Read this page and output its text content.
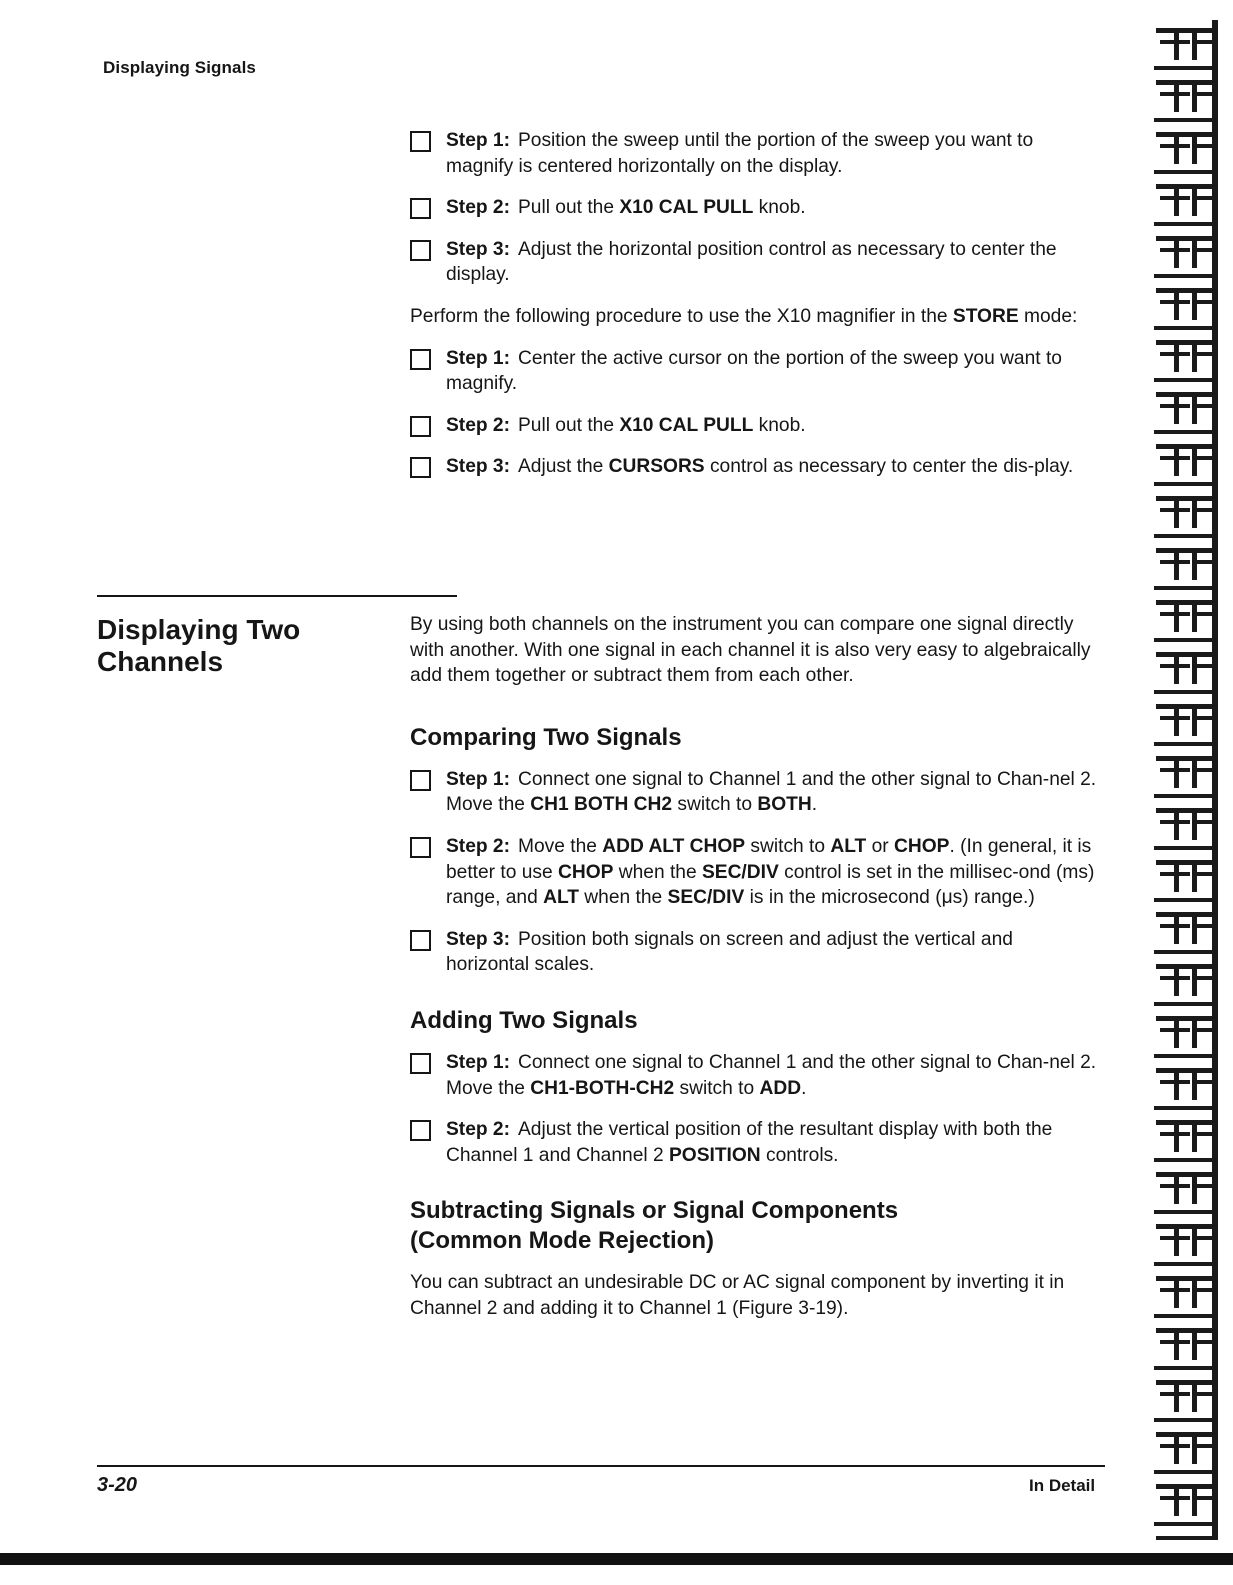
Displaying Signals
Step 1: Position the sweep until the portion of the sweep you want to magnify is centered horizontally on the display.
Step 2: Pull out the X10 CAL PULL knob.
Step 3: Adjust the horizontal position control as necessary to center the display.

Perform the following procedure to use the X10 magnifier in the STORE mode:

Step 1: Center the active cursor on the portion of the sweep you want to magnify.
Step 2: Pull out the X10 CAL PULL knob.
Step 3: Adjust the CURSORS control as necessary to center the dis-play.
Displaying Two Channels

By using both channels on the instrument you can compare one signal directly with another. With one signal in each channel it is also very easy to algebraically add them together or subtract them from each other.

Comparing Two Signals
Step 1: Connect one signal to Channel 1 and the other signal to Chan-nel 2. Move the CH1 BOTH CH2 switch to BOTH.
Step 2: Move the ADD ALT CHOP switch to ALT or CHOP. (In general, it is better to use CHOP when the SEC/DIV control is set in the millisec-ond (ms) range, and ALT when the SEC/DIV is in the microsecond (μs) range.)
Step 3: Position both signals on screen and adjust the vertical and horizontal scales.
Adding Two Signals
Step 1: Connect one signal to Channel 1 and the other signal to Chan-nel 2. Move the CH1-BOTH-CH2 switch to ADD.
Step 2: Adjust the vertical position of the resultant display with both the Channel 1 and Channel 2 POSITION controls.
Subtracting Signals or Signal Components
(Common Mode Rejection)

You can subtract an undesirable DC or AC signal component by inverting it in Channel 2 and adding it to Channel 1 (Figure 3-19).

3-20	In Detail
